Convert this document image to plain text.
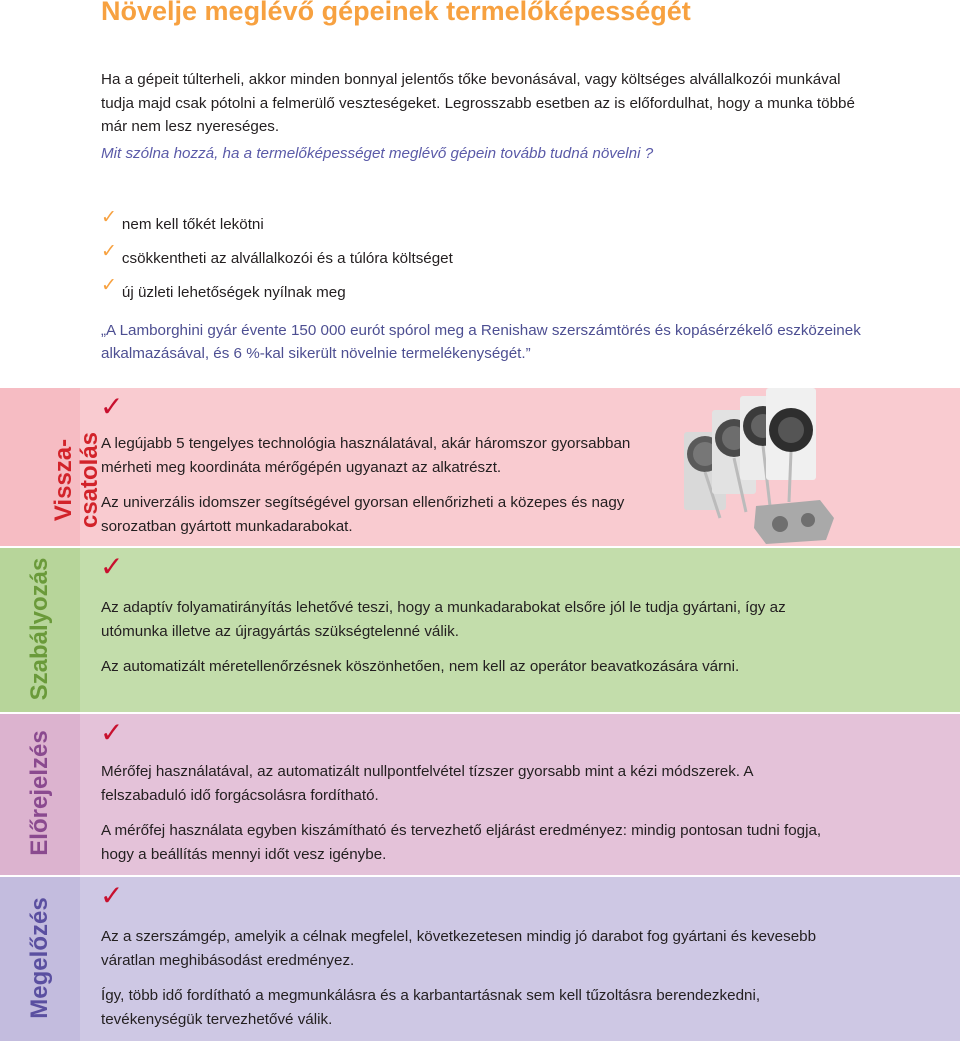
Növelje meglévő gépeinek termelőképességét

Ha a gépeit túlterheli, akkor minden bonnyal jelentős tőke bevonásával, vagy költséges alvállalkozói munkával tudja majd csak pótolni a felmerülő veszteségeket. Legrosszabb esetben az is előfordulhat, hogy a munka többé már nem lesz nyereséges.

Mit szólna hozzá, ha a termelőképességet meglévő gépein tovább tudná növelni ?
✓ nem kell tőkét lekötni
✓ csökkentheti az alvállalkozói és a túlóra költséget
✓ új üzleti lehetőségek nyílnak meg
„A Lamborghini gyár évente 150 000 eurót spórol meg a Renishaw szerszámtörés és kopásérzékelő eszközeinek alkalmazásával, és 6 %-kal sikerült növelnie termelékenységét.”
Vissza- csatolás
✓

A legújabb 5 tengelyes technológia használatával, akár háromszor gyorsabban mérheti meg koordináta mérőgépén ugyanazt az alkatrészt.

Az univerzális idomszer segítségével gyorsan ellenőrizheti a közepes és nagy sorozatban gyártott munkadarabokat.

Szabályozás ✓

Az adaptív folyamatirányítás lehetővé teszi, hogy a munkadarabokat elsőre jól le tudja gyártani, így az utómunka illetve az újragyártás szükségtelenné válik.

Az automatizált méretellenőrzésnek köszönhetően, nem kell az operátor beavatkozására várni.

Előrejelzés ✓

Mérőfej használatával, az automatizált nullpontfelvétel tízszer gyorsabb mint a kézi módszerek. A felszabaduló idő forgácsolásra fordítható.

A mérőfej használata egyben kiszámítható és tervezhető eljárást eredményez: mindig pontosan tudni fogja, hogy a beállítás mennyi időt vesz igénybe.

Megelőzés
✓

Az a szerszámgép, amelyik a célnak megfelel, következetesen mindig jó darabot fog gyártani és kevesebb váratlan meghibásodást eredményez.

Így, több idő fordítható a megmunkálásra és a karbantartásnak sem kell tűzoltásra berendezkedni, tevékenységük tervezhetővé válik.
